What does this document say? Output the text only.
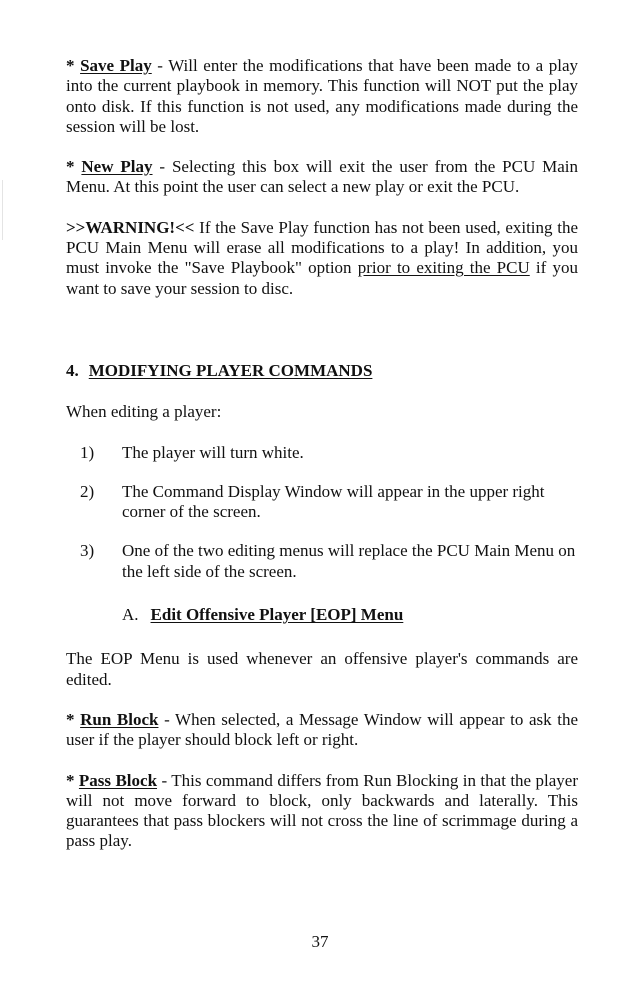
* Save Play - Will enter the modifications that have been made to a play into the current playbook in memory. This function will NOT put the play onto disk. If this function is not used, any modifications made during the session will be lost.

* New Play - Selecting this box will exit the user from the PCU Main Menu. At this point the user can select a new play or exit the PCU.

>>WARNING!<< If the Save Play function has not been used, exiting the PCU Main Menu will erase all modifications to a play! In addition, you must invoke the "Save Playbook" option prior to exiting the PCU if you want to save your session to disc.

4. MODIFYING PLAYER COMMANDS

When editing a player:

1)	The player will turn white.
2)	The Command Display Window will appear in the upper right corner of the screen.
3)	One of the two editing menus will replace the PCU Main Menu on the left side of the screen.

A. Edit Offensive Player [EOP] Menu

The EOP Menu is used whenever an offensive player's commands are edited.

* Run Block - When selected, a Message Window will appear to ask the user if the player should block left or right.

* Pass Block - This command differs from Run Blocking in that the player will not move forward to block, only backwards and laterally. This guarantees that pass blockers will not cross the line of scrimmage during a pass play.

37
